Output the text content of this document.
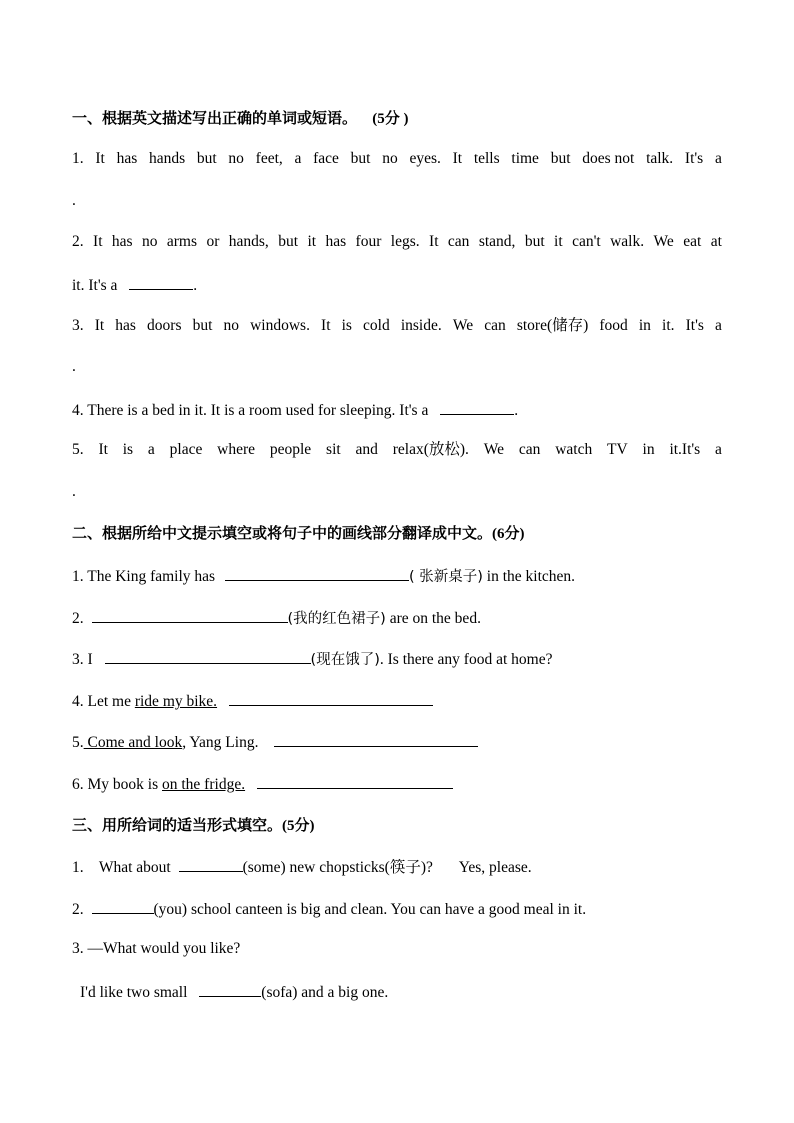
一、根据英文描述写出正确的单词或短语。 (5分 )
1. It has hands but no feet, a face but no eyes. It tells time but does not talk. It's a
.
2. It has no arms or hands, but it has four legs. It can stand, but it can't walk. We eat at
it. It's a	.
3. It has doors but no windows. It is cold inside. We can store(储存) food in it. It's a
.
4. There is a bed in it. It is a room used for sleeping. It's a	.
5. It is a place where people sit and relax(放松). We can watch TV in it.It's a
.
二、根据所给中文提示填空或将句子中的画线部分翻译成中文。(6分)
1. The King family has	( 张新桌子) in the kitchen.
2.	(我的红色裙子) are on the bed.
3. I	(现在饿了). Is there any food at home?
4. Let me ride my bike.
5. Come and look, Yang Ling.
6. My book is on the fridge.
三、用所给词的适当形式填空。(5分)
1.    What about	(some) new chopsticks(筷子)? Yes, please.
2.	(you) school canteen is big and clean. You can have a good meal in it.
3. —What would you like?
I'd like two small	(sofa) and a big one.
